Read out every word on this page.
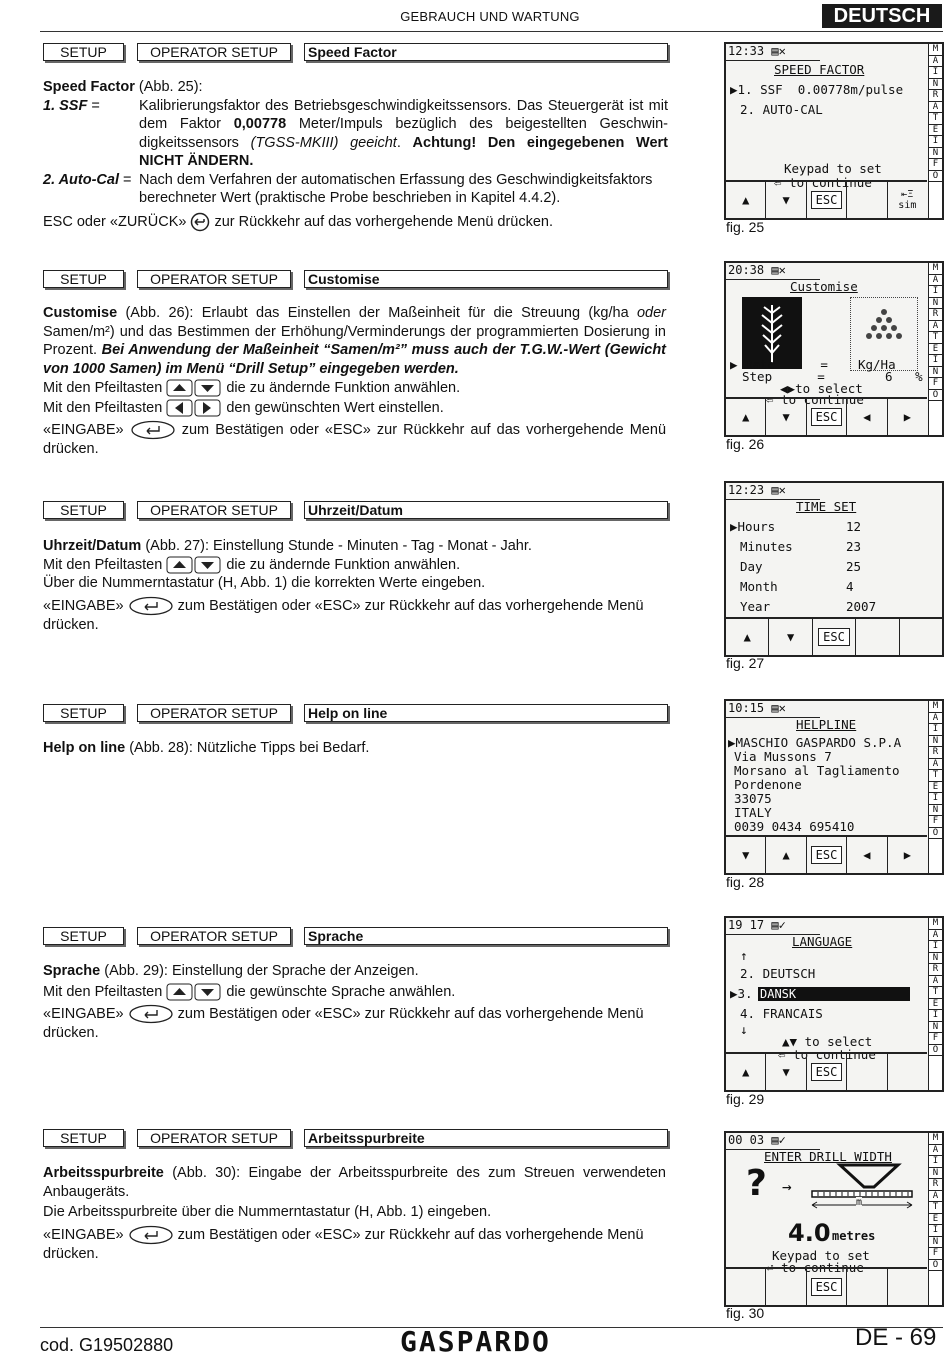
GEBRAUCH UND WARTUNG	DEUTSCH
SETUP	OPERATOR SETUP	Speed Factor

Speed Factor (Abb. 25):

1. SSF =	Kalibrierungsfaktor des Betriebsgeschwindigkeitssensors. Das Steuergerät ist mit dem Faktor 0,00778 Meter/Impuls bezüglich des beigestellten Geschwin-digkeitssensors (TGSS-MKIII) geeicht. Achtung! Den eingegebenen Wert NICHT ÄNDERN.
2. Auto-Cal = Nach dem Verfahren der automatischen Erfassung des Geschwindigkeitsfaktors berechneter Wert (praktische Probe beschrieben in Kapitel 4.4.2).

ESC oder «ZURÜCK»  zur Rückkehr auf das vorhergehende Menü drücken.

12:33 ▤✕
SPEED FACTOR
▶1. SSF  0.00778m/pulse
2. AUTO-CAL
Keypad to set
⏎ to continue
M
A
I
N
R
A
T
E
I
N
F
O
▲	▼	ESC	⇤Ξ

sim
fig. 25
SETUP	OPERATOR SETUP	Customise

Customise (Abb. 26): Erlaubt das Einstellen der Maßeinheit für die Streuung (kg/ha oder Samen/m²) und das Bestimmen der Erhöhung/Verminderungs der programmierten Dosierung in Prozent. Bei Anwendung der Maßeinheit “Samen/m²” muss auch der T.G.W.-Wert (Gewicht von 1000 Samen) im Menü “Drill Setup” eingegeben werden.

Mit den Pfeiltasten	die zu ändernde Funktion anwählen.

Mit den Pfeiltasten	den gewünschten Wert einstellen.

«EINGABE»	zum Bestätigen oder «ESC» zur Rückkehr auf das vorhergehende Menü drücken.

20:38 ▤✕
Customise
▶ Rate	= Kg/Ha
Step	=	6 %
◀▶to select
⏎ to continue
M
A
I
N
R
A
T
E
I
N
F
O
▲	▼	ESC	◀	▶
fig. 26
SETUP	OPERATOR SETUP	Uhrzeit/Datum

Uhrzeit/Datum (Abb. 27): Einstellung Stunde - Minuten - Tag - Monat - Jahr.

Mit den Pfeiltasten	die zu ändernde Funktion anwählen.

Über die Nummerntastatur (H, Abb. 1) die korrekten Werte eingeben.

«EINGABE»	zum Bestätigen oder «ESC» zur Rückkehr auf das vorhergehende Menü drücken.

12:23 ▤✕
TIME SET
▶Hours	12
Minutes	23
Day	25
Month	4
Year	2007
▲	▼	ESC
fig. 27
SETUP	OPERATOR SETUP	Help on line

Help on line (Abb. 28): Nützliche Tipps bei Bedarf.

10:15 ▤✕
HELPLINE
▶MASCHIO GASPARDO S.P.A
Via Mussons 7
Morsano al Tagliamento
Pordenone
33075
ITALY
0039 0434 695410
M
A
I
N
R
A
T
E
I
N
F
O
▼	▲	ESC	◀	▶
fig. 28
SETUP	OPERATOR SETUP	Sprache

Sprache (Abb. 29): Einstellung der Sprache der Anzeigen.

Mit den Pfeiltasten	die gewünschte Sprache anwählen.

«EINGABE»	zum Bestätigen oder «ESC» zur Rückkehr auf das vorhergehende Menü drücken.

19 17 ▤✓
LANGUAGE
↑
2. DEUTSCH
▶3. DANSK
4. FRANCAIS
↓
▲▼ to select
⏎ to continue
M
A
I
N
R
A
T
E
I
N
F
O
▲	▼	ESC
fig. 29
SETUP	OPERATOR SETUP	Arbeitsspurbreite

Arbeitsspurbreite (Abb. 30): Eingabe der Arbeitsspurbreite des zum Streuen verwendeten Anbaugeräts.

Die Arbeitsspurbreite über die Nummerntastatur (H, Abb. 1) eingeben.

«EINGABE»	zum Bestätigen oder «ESC» zur Rückkehr auf das vorhergehende Menü drücken.

00 03 ▤✓
ENTER DRILL WIDTH
? →
m
4.0 metres
Keypad to set
⏎ to continue
M
A
I
N
R
A
T
E
I
N
F
O
ESC
fig. 30
cod. G19502880	GASPARDO	DE - 69
